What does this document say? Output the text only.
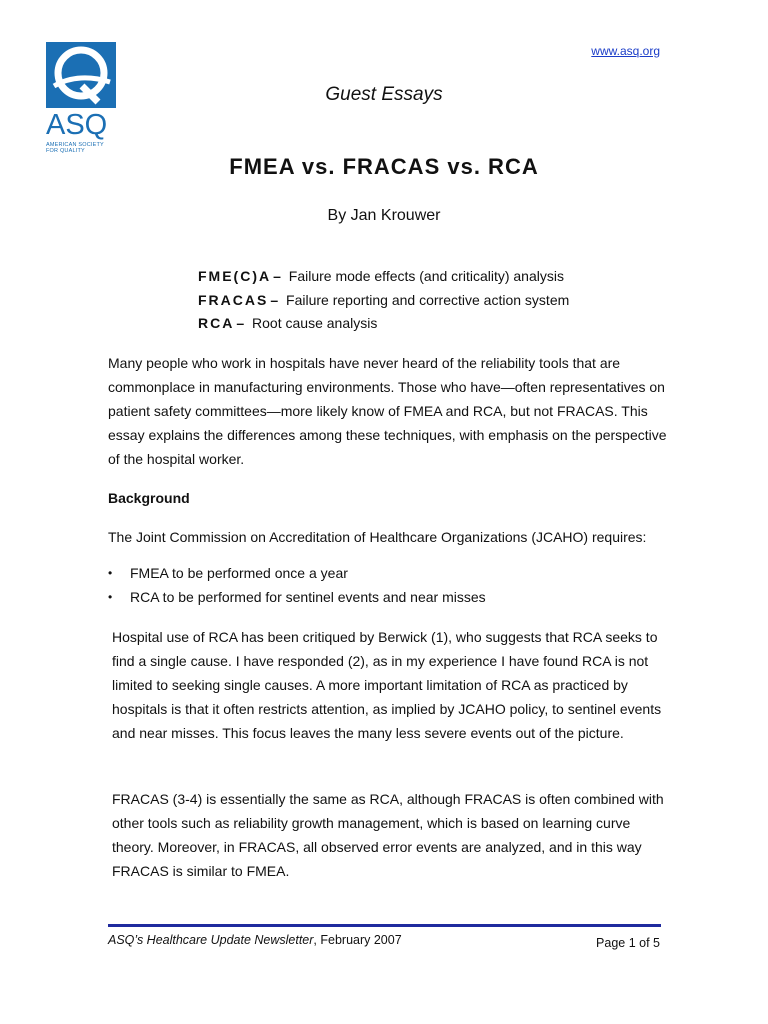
ASQ
AMERICAN SOCIETY
FOR QUALITY
www.asq.org
Guest Essays
FMEA vs. FRACAS vs. RCA
By Jan Krouwer
FME(C)A – Failure mode effects (and criticality) analysis
FRACAS – Failure reporting and corrective action system
RCA – Root cause analysis

Many people who work in hospitals have never heard of the reliability tools that are commonplace in manufacturing environments. Those who have—often representatives on patient safety committees—more likely know of FMEA and RCA, but not FRACAS. This essay explains the differences among these techniques, with emphasis on the perspective of the hospital worker.

Background

The Joint Commission on Accreditation of Healthcare Organizations (JCAHO) requires:

• FMEA to be performed once a year
• RCA to be performed for sentinel events and near misses

Hospital use of RCA has been critiqued by Berwick (1), who suggests that RCA seeks to find a single cause. I have responded (2), as in my experience I have found RCA is not limited to seeking single causes. A more important limitation of RCA as practiced by hospitals is that it often restricts attention, as implied by JCAHO policy, to sentinel events and near misses. This focus leaves the many less severe events out of the picture.

FRACAS (3-4) is essentially the same as RCA, although FRACAS is often combined with other tools such as reliability growth management, which is based on learning curve theory. Moreover, in FRACAS, all observed error events are analyzed, and in this way FRACAS is similar to FMEA.

ASQ’s Healthcare Update Newsletter, February 2007	Page 1 of 5
